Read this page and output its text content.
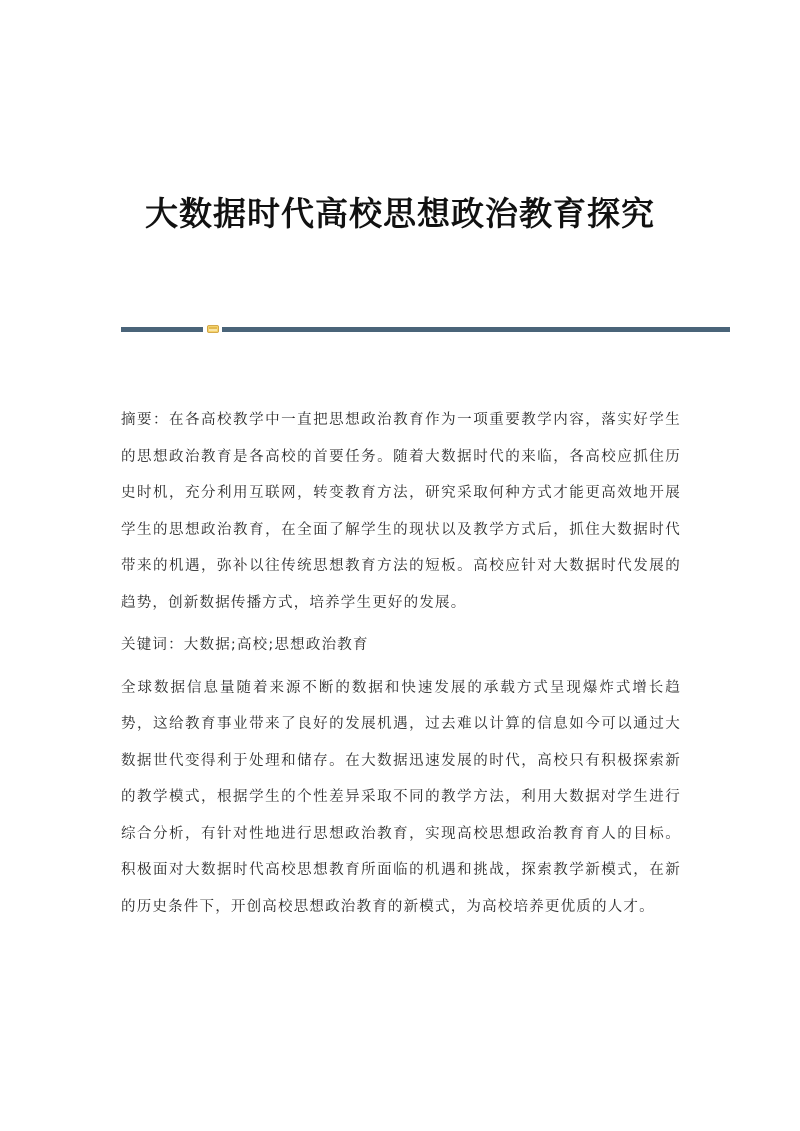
大数据时代高校思想政治教育探究

摘要：在各高校教学中一直把思想政治教育作为一项重要教学内容，落实好学生的思想政治教育是各高校的首要任务。随着大数据时代的来临，各高校应抓住历史时机，充分利用互联网，转变教育方法，研究采取何种方式才能更高效地开展学生的思想政治教育，在全面了解学生的现状以及教学方式后，抓住大数据时代带来的机遇，弥补以往传统思想教育方法的短板。高校应针对大数据时代发展的趋势，创新数据传播方式，培养学生更好的发展。

关键词：大数据;高校;思想政治教育

全球数据信息量随着来源不断的数据和快速发展的承载方式呈现爆炸式增长趋势，这给教育事业带来了良好的发展机遇，过去难以计算的信息如今可以通过大数据世代变得利于处理和储存。在大数据迅速发展的时代，高校只有积极探索新的教学模式，根据学生的个性差异采取不同的教学方法，利用大数据对学生进行综合分析，有针对性地进行思想政治教育，实现高校思想政治教育育人的目标。积极面对大数据时代高校思想教育所面临的机遇和挑战，探索教学新模式，在新的历史条件下，开创高校思想政治教育的新模式，为高校培养更优质的人才。
